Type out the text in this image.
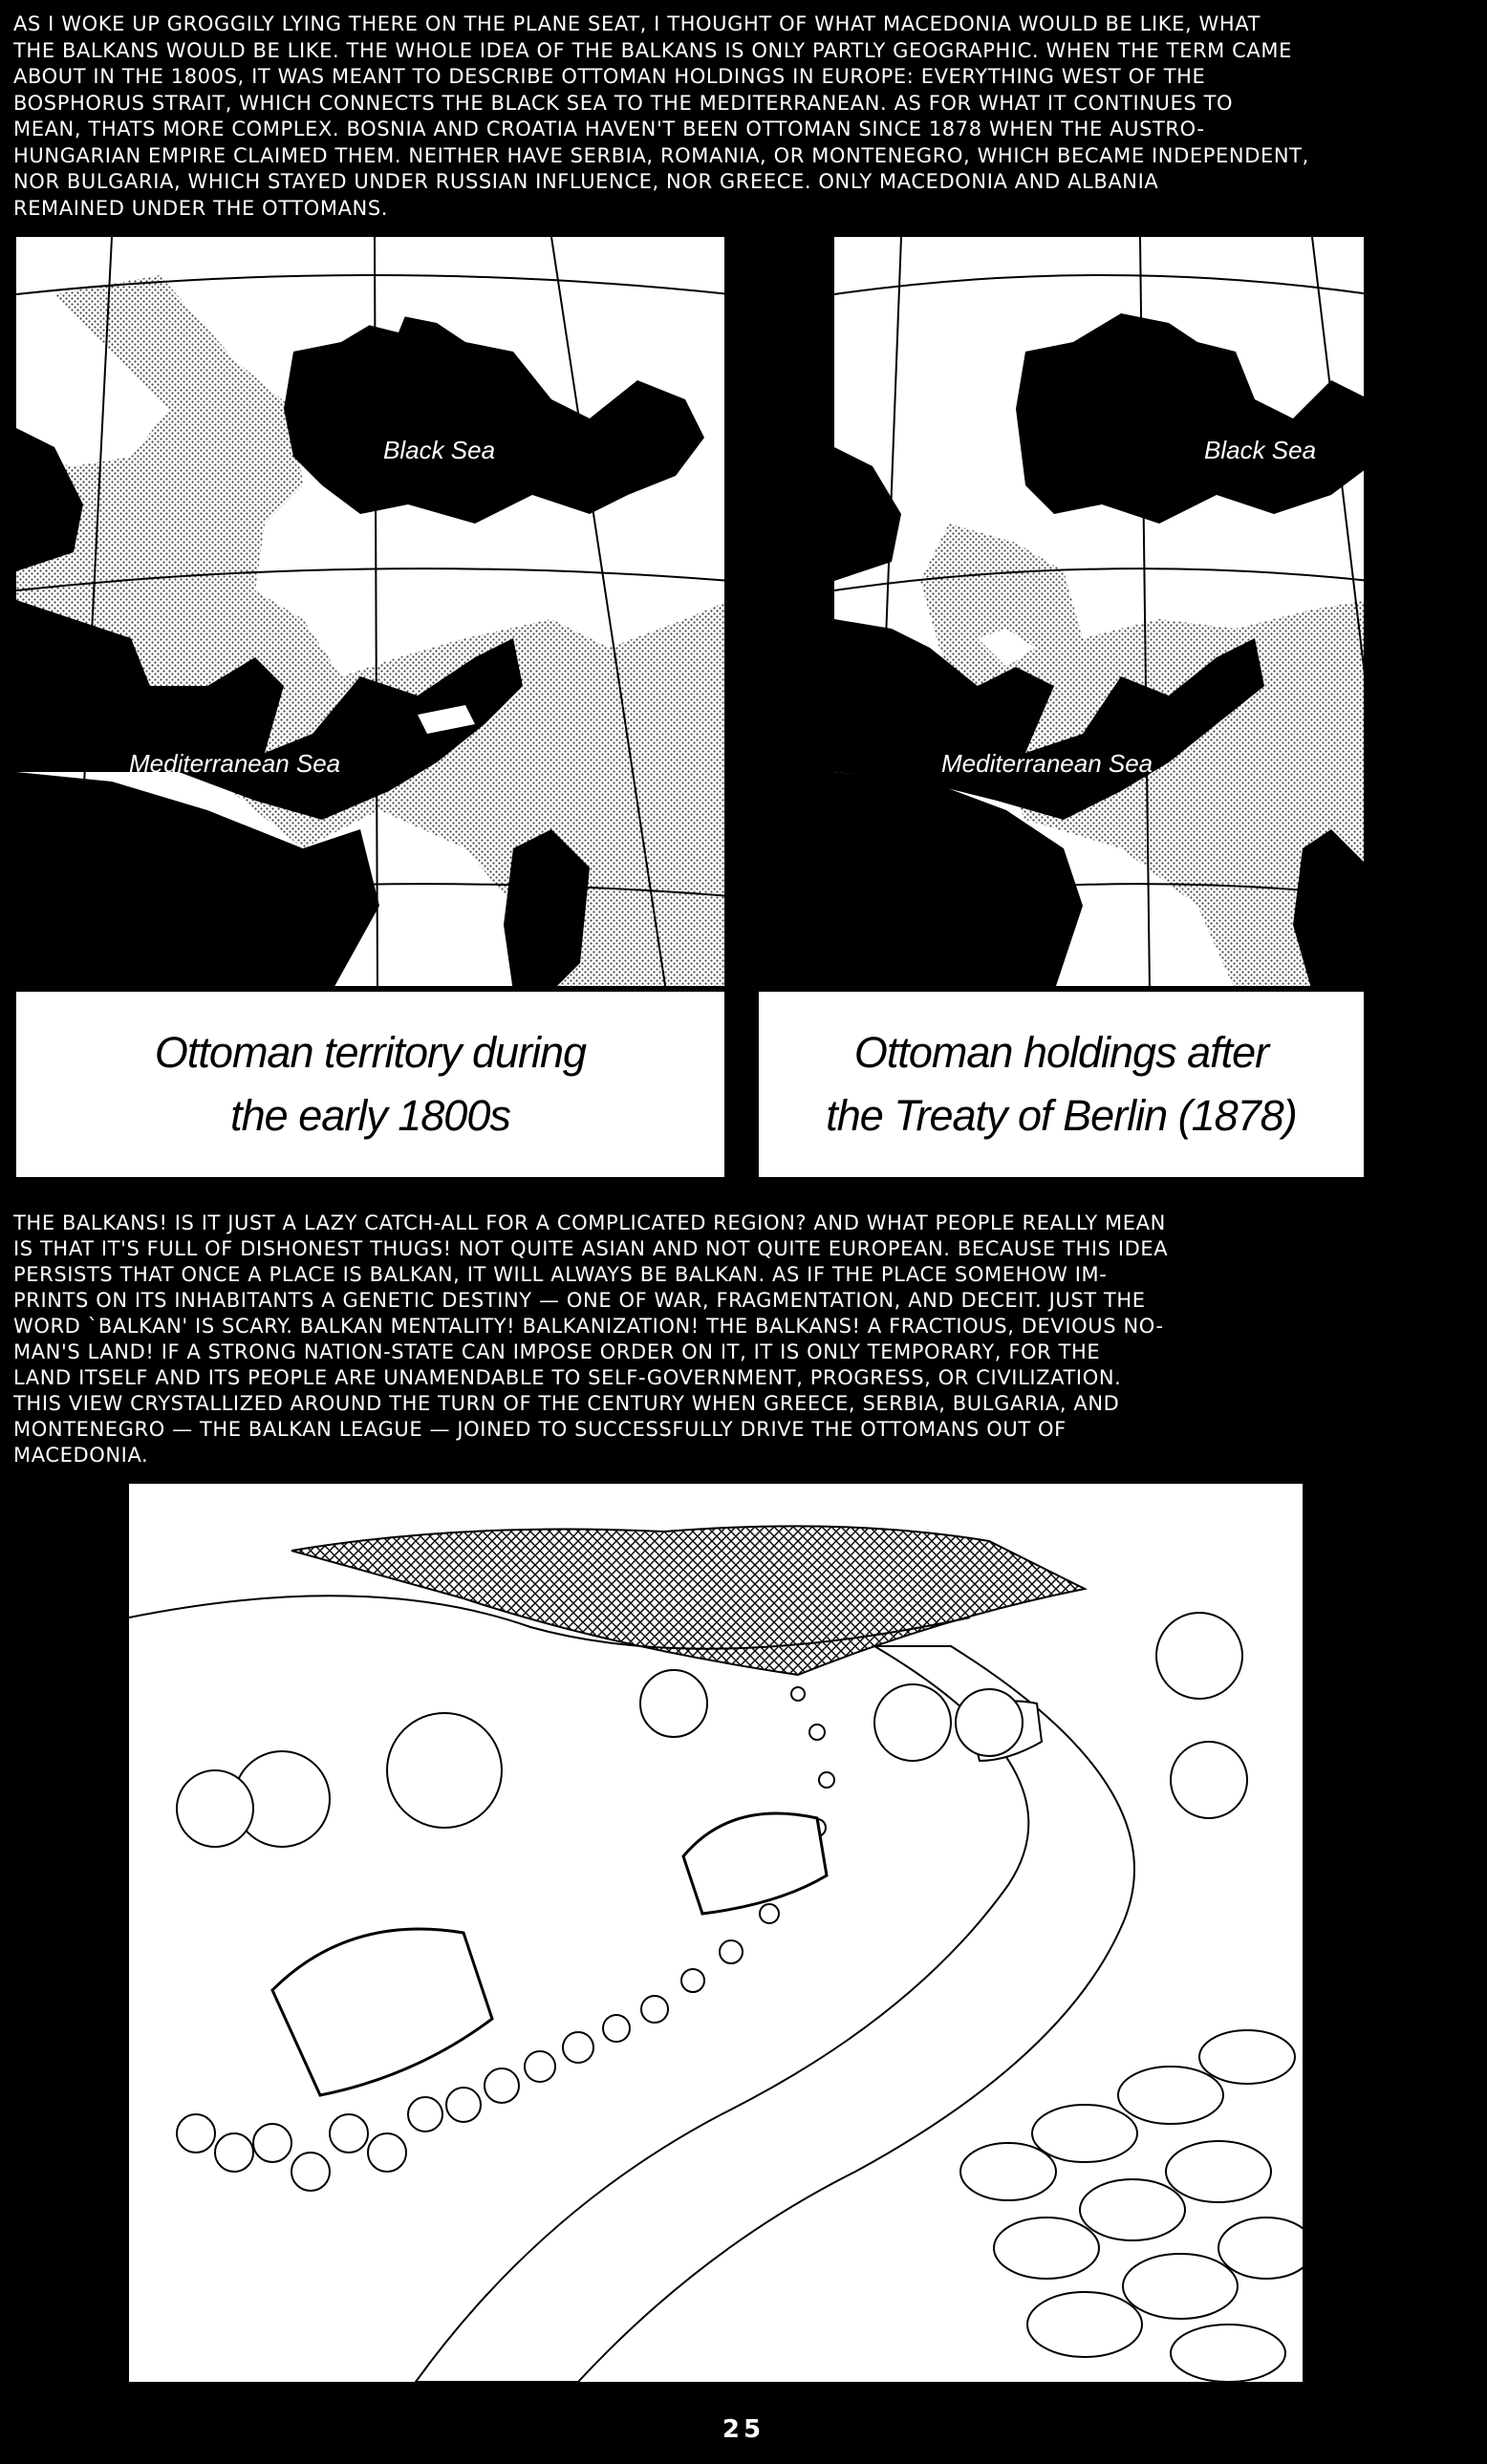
AS I WOKE UP GROGGILY LYING THERE ON THE PLANE SEAT, I THOUGHT OF WHAT MACEDONIA WOULD BE LIKE, WHAT
THE BALKANS WOULD BE LIKE. THE WHOLE IDEA OF THE BALKANS IS ONLY PARTLY GEOGRAPHIC. WHEN THE TERM CAME
ABOUT IN THE 1800S, IT WAS MEANT TO DESCRIBE OTTOMAN HOLDINGS IN EUROPE: EVERYTHING WEST OF THE
BOSPHORUS STRAIT, WHICH CONNECTS THE BLACK SEA TO THE MEDITERRANEAN. AS FOR WHAT IT CONTINUES TO
MEAN, THATS MORE COMPLEX. BOSNIA AND CROATIA HAVEN'T BEEN OTTOMAN SINCE 1878 WHEN THE AUSTRO-
HUNGARIAN EMPIRE CLAIMED THEM. NEITHER HAVE SERBIA, ROMANIA, OR MONTENEGRO, WHICH BECAME INDEPENDENT,
NOR BULGARIA, WHICH STAYED UNDER RUSSIAN INFLUENCE, NOR GREECE. ONLY MACEDONIA AND ALBANIA
REMAINED UNDER THE OTTOMANS.
Black Sea
Mediterranean Sea
Black Sea
Mediterranean Sea
Ottoman territory during
the early 1800s
Ottoman holdings after
the Treaty of Berlin (1878)
THE BALKANS! IS IT JUST A LAZY CATCH-ALL FOR A COMPLICATED REGION? AND WHAT PEOPLE REALLY MEAN
IS THAT IT'S FULL OF DISHONEST THUGS! NOT QUITE ASIAN AND NOT QUITE EUROPEAN. BECAUSE THIS IDEA
PERSISTS THAT ONCE A PLACE IS BALKAN, IT WILL ALWAYS BE BALKAN. AS IF THE PLACE SOMEHOW IM-
PRINTS ON ITS INHABITANTS A GENETIC DESTINY — ONE OF WAR, FRAGMENTATION, AND DECEIT. JUST THE
WORD `BALKAN' IS SCARY. BALKAN MENTALITY! BALKANIZATION! THE BALKANS! A FRACTIOUS, DEVIOUS NO-
MAN'S LAND! IF A STRONG NATION-STATE CAN IMPOSE ORDER ON IT, IT IS ONLY TEMPORARY, FOR THE
LAND ITSELF AND ITS PEOPLE ARE UNAMENDABLE TO SELF-GOVERNMENT, PROGRESS, OR CIVILIZATION.
THIS VIEW CRYSTALLIZED AROUND THE TURN OF THE CENTURY WHEN GREECE, SERBIA, BULGARIA, AND
MONTENEGRO — THE BALKAN LEAGUE — JOINED TO SUCCESSFULLY DRIVE THE OTTOMANS OUT OF
MACEDONIA.
25
